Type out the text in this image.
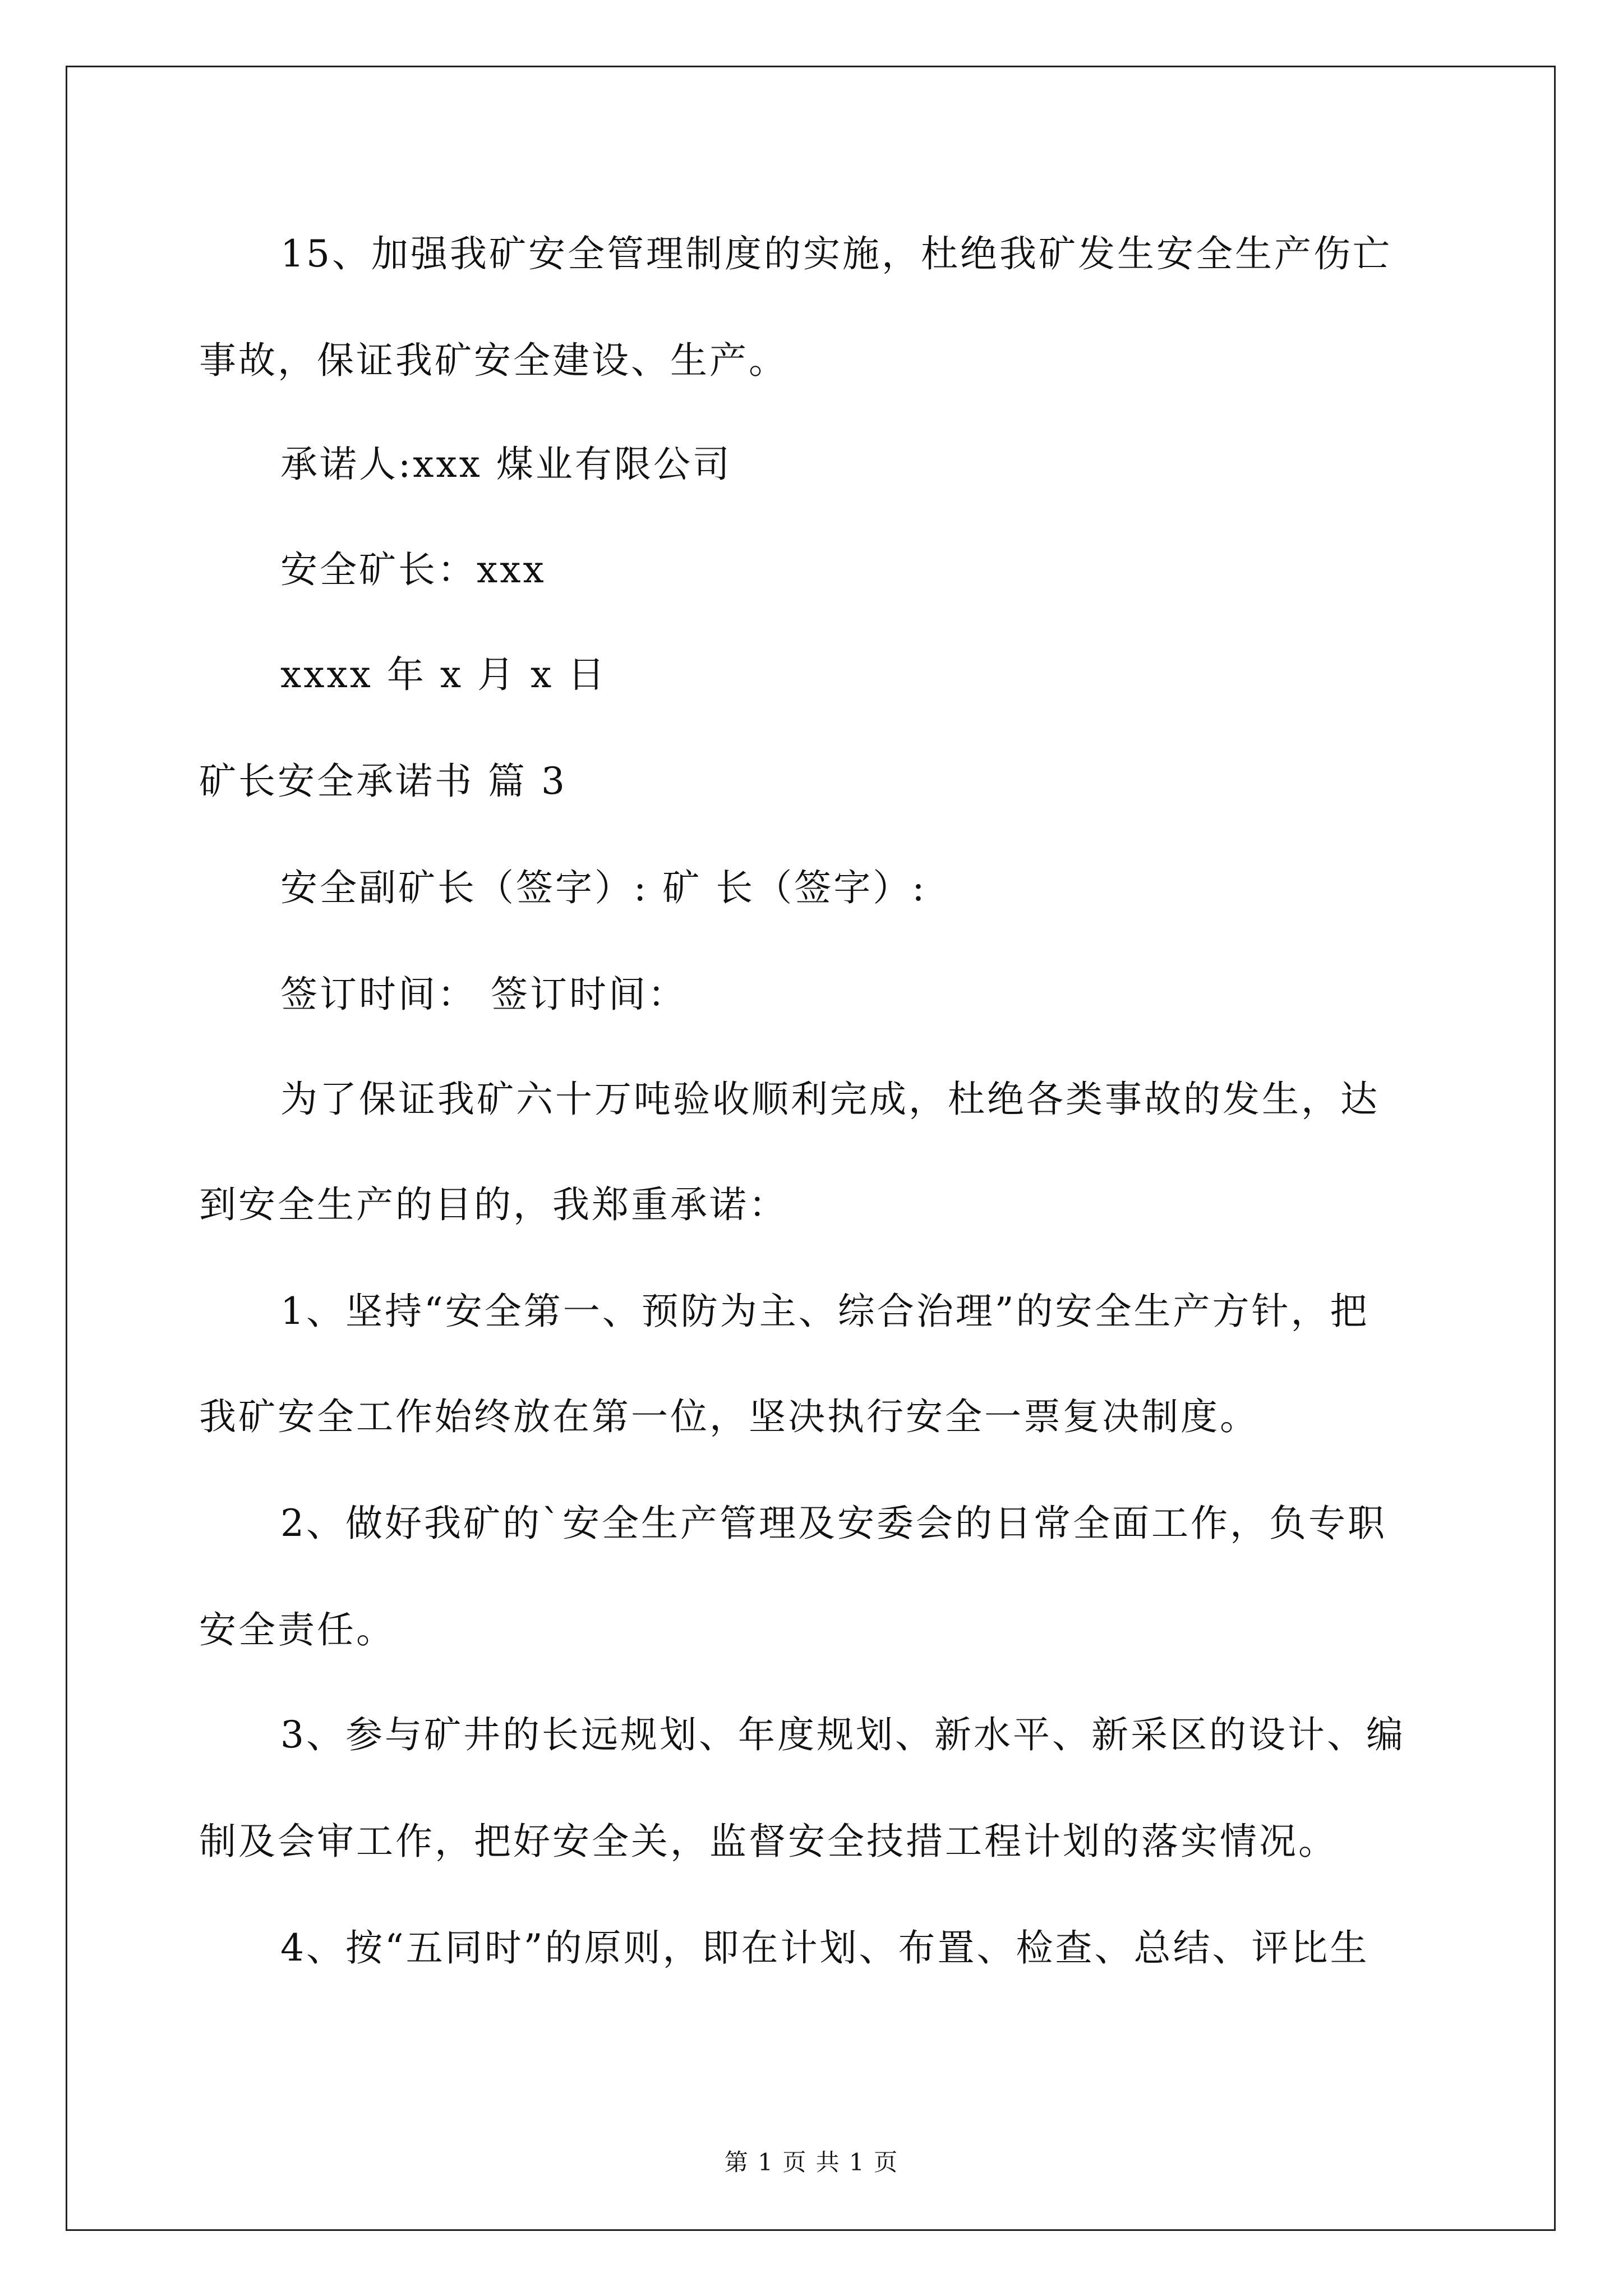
15、加强我矿安全管理制度的实施，杜绝我矿发生安全生产伤亡
事故，保证我矿安全建设、生产。
承诺人:xxx 煤业有限公司
安全矿长：xxx
xxxx 年 x 月 x 日
矿长安全承诺书 篇 3
安全副矿长（签字）: 矿 长（签字）:
签订时间： 签订时间：
为了保证我矿六十万吨验收顺利完成，杜绝各类事故的发生，达
到安全生产的目的，我郑重承诺：
1、坚持“安全第一、预防为主、综合治理”的安全生产方针，把
我矿安全工作始终放在第一位，坚决执行安全一票复决制度。
2、做好我矿的`安全生产管理及安委会的日常全面工作，负专职
安全责任。
3、参与矿井的长远规划、年度规划、新水平、新采区的设计、编
制及会审工作，把好安全关，监督安全技措工程计划的落实情况。
4、按“五同时”的原则，即在计划、布置、检查、总结、评比生
第 1 页 共 1 页
